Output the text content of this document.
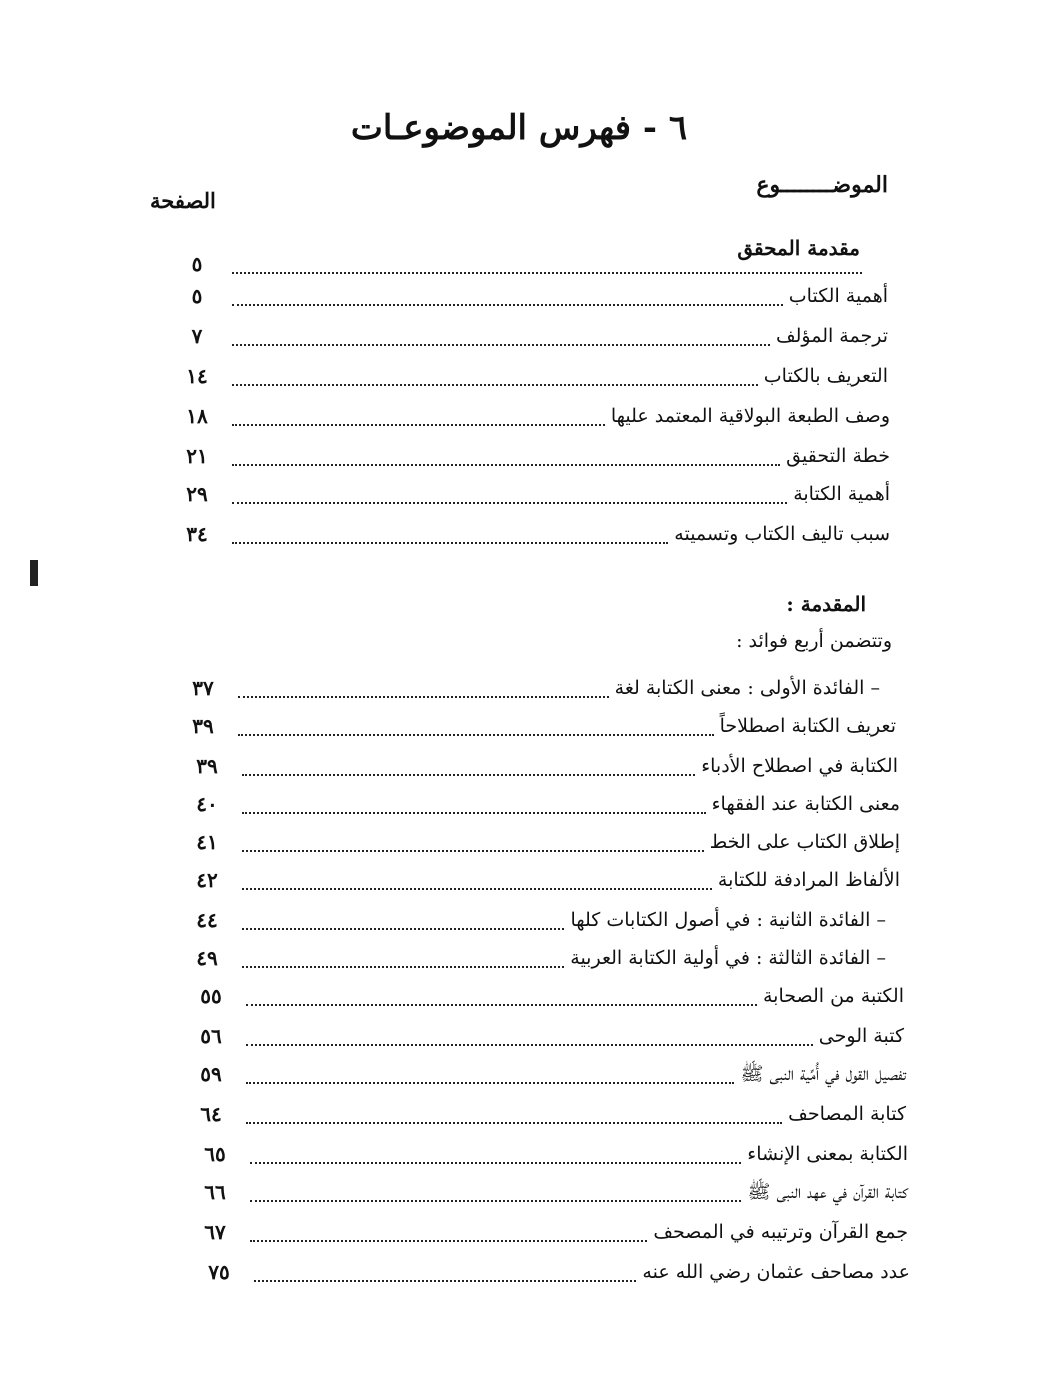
٦ - فهرس الموضوعـات
الموضــــــــوع
الصفحة
مقدمة المحقق
٥
أهمية الكتاب
٥
ترجمة المؤلف
٧
التعريف بالكتاب
١٤
وصف الطبعة البولاقية المعتمد عليها
١٨
خطة التحقيق
٢١
أهمية الكتابة
٢٩
سبب تاليف الكتاب وتسميته
٣٤
المقدمة :
وتتضمن أربع فوائد :
– الفائدة الأولى : معنى الكتابة لغة
٣٧
تعريف الكتابة اصطلاحاً
٣٩
الكتابة في اصطلاح الأدباء
٣٩
معنى الكتابة عند الفقهاء
٤٠
إطلاق الكتاب على الخط
٤١
الألفاظ المرادفة للكتابة
٤٢
– الفائدة الثانية : في أصول الكتابات كلها
٤٤
– الفائدة الثالثة : في أولية الكتابة العربية
٤٩
الكتبة من الصحابة
٥٥
كتبة الوحى
٥٦
تفصيل القول في أُمِّية النبى ﷺ
٥٩
كتابة المصاحف
٦٤
الكتابة بمعنى الإنشاء
٦٥
كتابة القرآن في عهد النبى ﷺ
٦٦
جمع القرآن وترتيبه في المصحف
٦٧
عدد مصاحف عثمان رضي الله عنه
٧٥
